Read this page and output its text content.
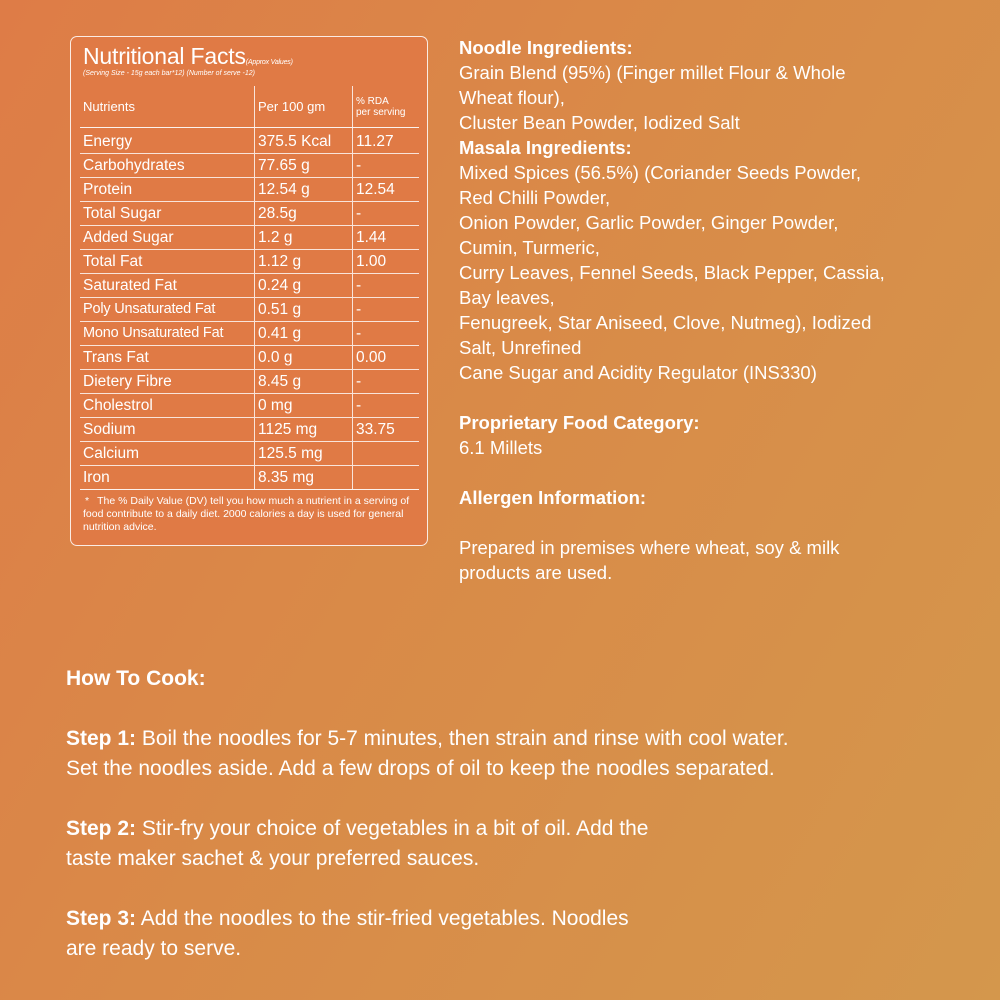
Nutritional Facts(Approx Values)
(Serving Size - 15g each bar*12) (Number of serve -12)
Nutrients	Per 100 gm	% RDA
per serving
Energy	375.5 Kcal	11.27
Carbohydrates	77.65 g	-
Protein	12.54 g	12.54
Total Sugar	28.5g	-
Added Sugar	1.2 g	1.44
Total Fat	1.12 g	1.00
Saturated Fat	0.24 g	-
Poly Unsaturated Fat	0.51 g	-
Mono Unsaturated Fat	0.41 g	-
Trans Fat	0.0 g	0.00
Dietery Fibre	8.45 g	-
Cholestrol	0 mg	-
Sodium	1125 mg	33.75
Calcium	125.5 mg	
Iron	8.35 mg	
* The % Daily Value (DV) tell you how much a nutrient in a serving of food contribute to a daily diet. 2000 calories a day is used for general nutrition advice.
Noodle Ingredients:
Grain Blend (95%) (Finger millet Flour & Whole
Wheat flour),
Cluster Bean Powder, Iodized Salt
Masala Ingredients:
Mixed Spices (56.5%) (Coriander Seeds Powder,
Red Chilli Powder,
Onion Powder, Garlic Powder, Ginger Powder,
Cumin, Turmeric,
Curry Leaves, Fennel Seeds, Black Pepper, Cassia,
Bay leaves,
Fenugreek, Star Aniseed, Clove, Nutmeg), Iodized
Salt, Unrefined
Cane Sugar and Acidity Regulator (INS330)
Proprietary Food Category:
6.1 Millets
Allergen Information:
Prepared in premises where wheat, soy & milk
products are used.
How To Cook:
Step 1: Boil the noodles for 5-7 minutes, then strain and rinse with cool water.
Set the noodles aside. Add a few drops of oil to keep the noodles separated.
Step 2: Stir-fry your choice of vegetables in a bit of oil. Add the
taste maker sachet & your preferred sauces.
Step 3: Add the noodles to the stir-fried vegetables. Noodles
are ready to serve.
